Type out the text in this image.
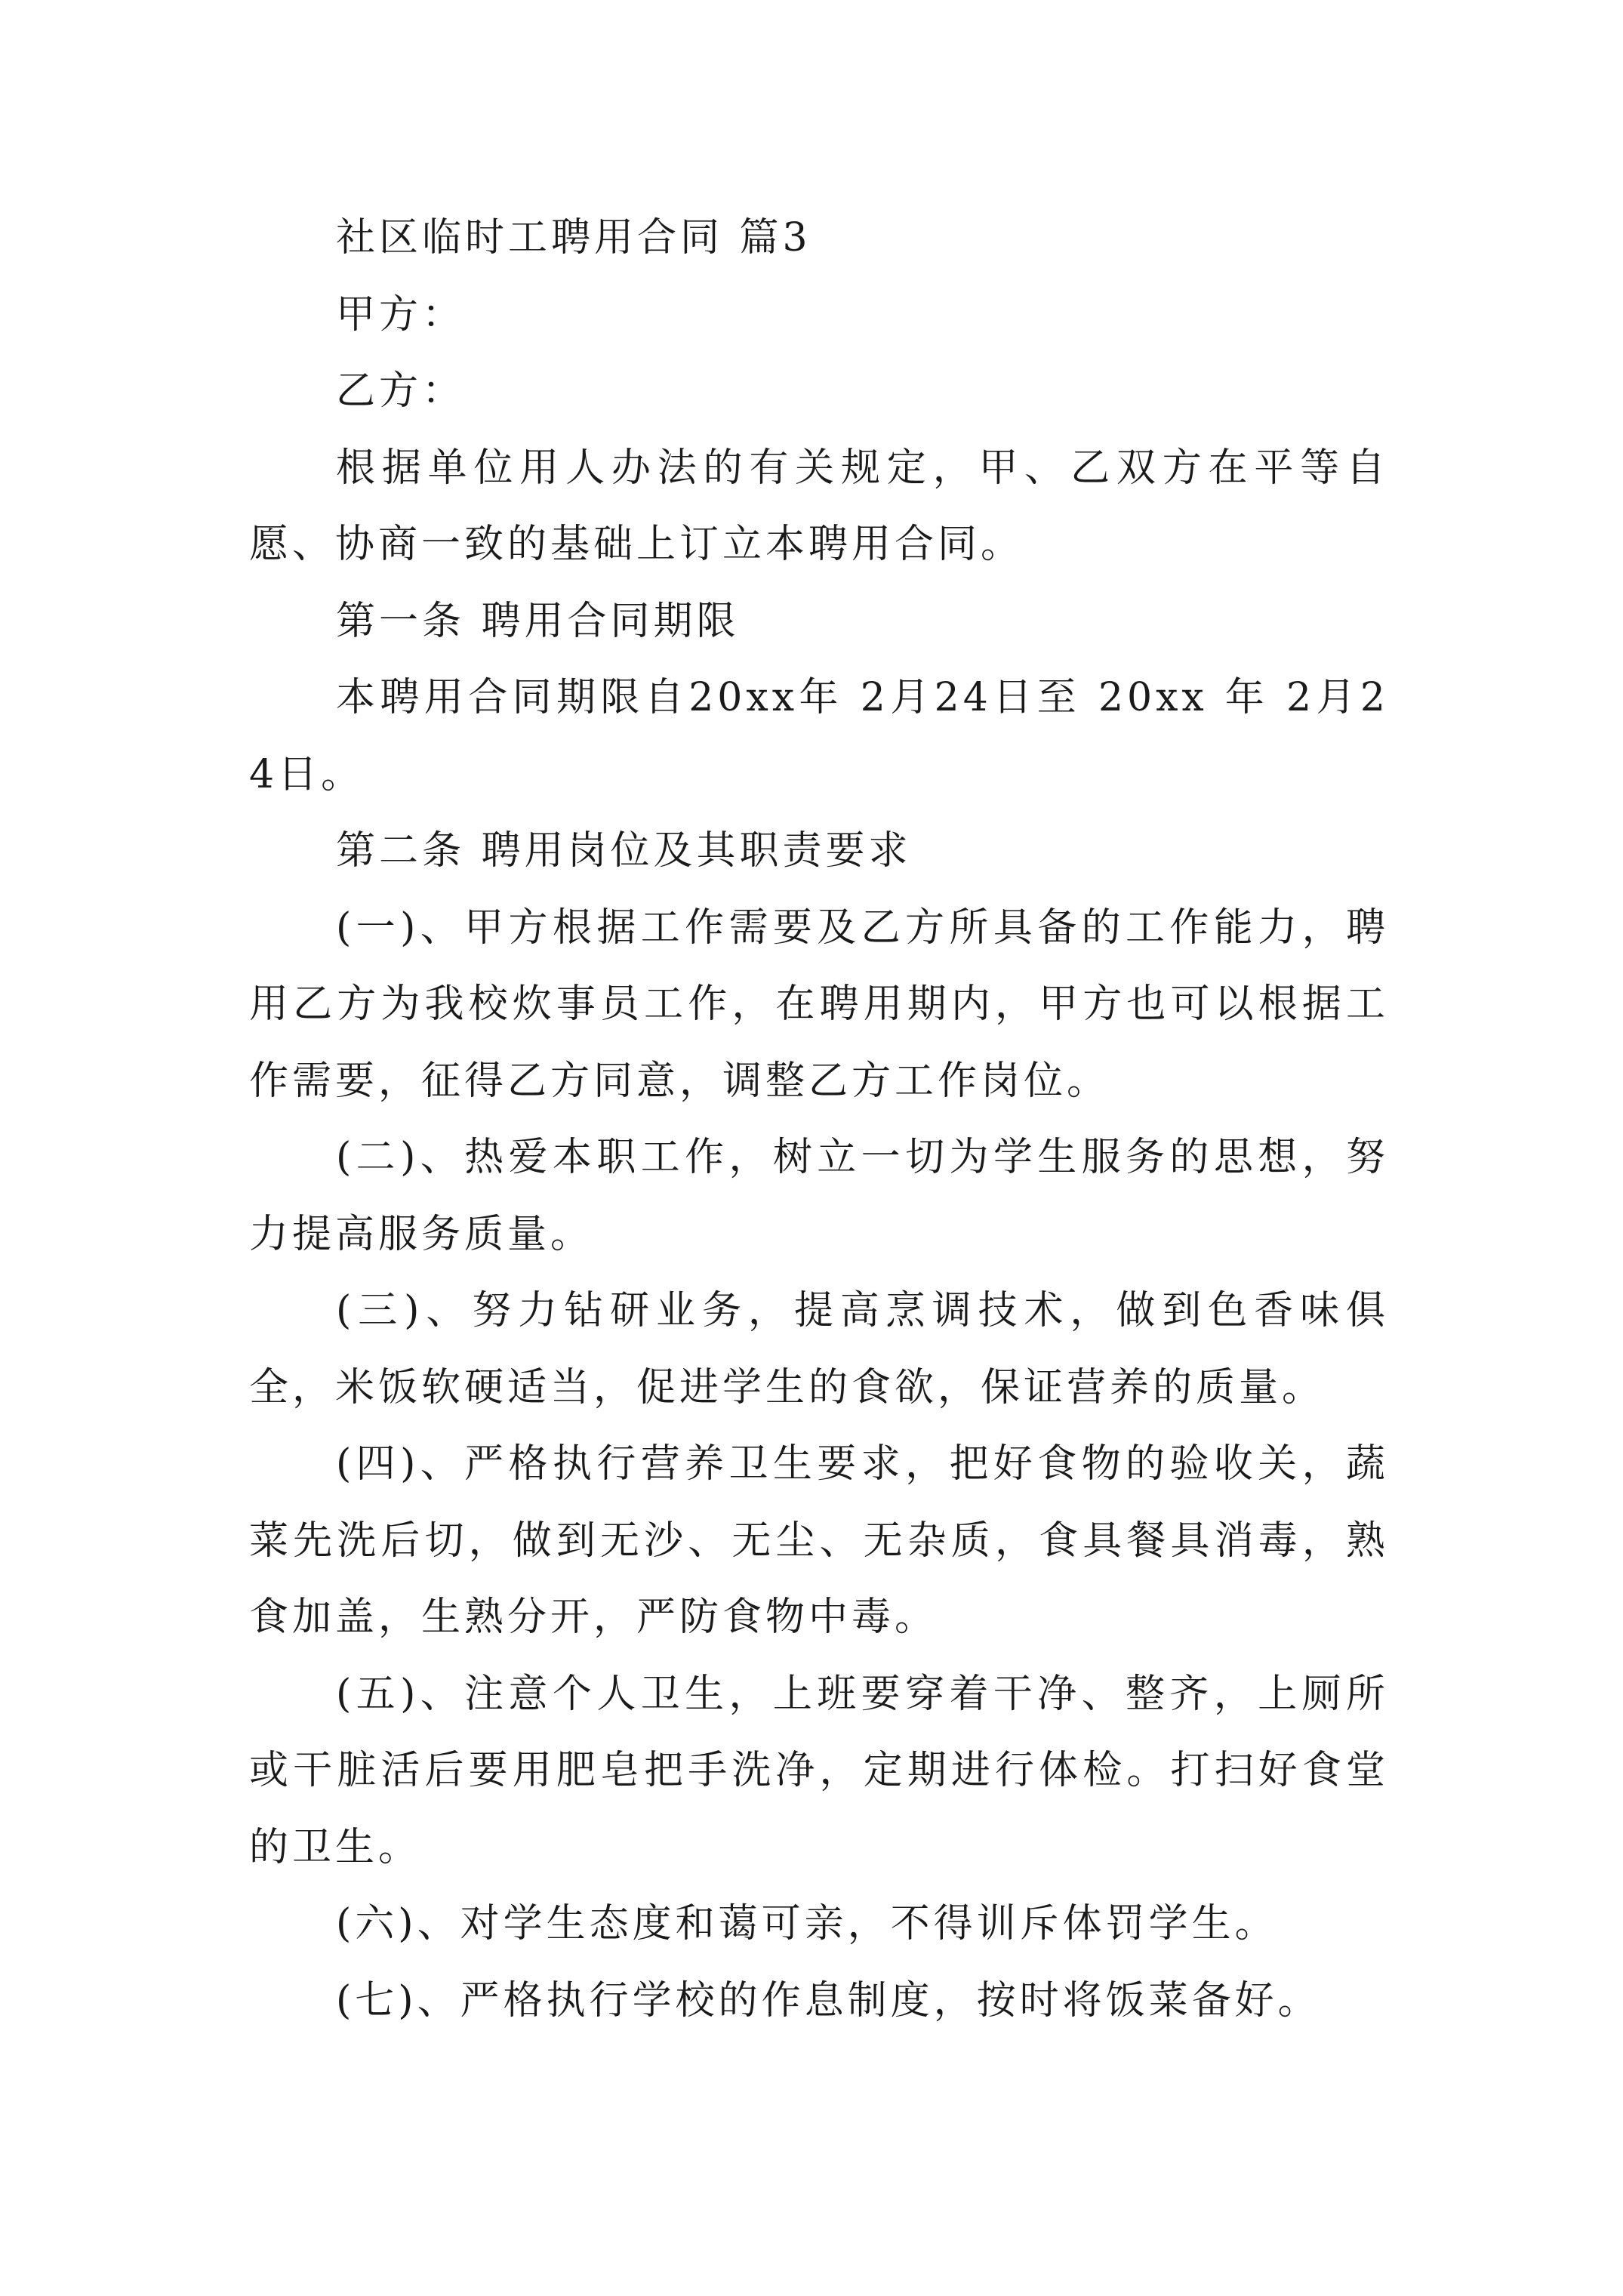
社区临时工聘用合同 篇3

甲方：

乙方：

根据单位用人办法的有关规定，甲、乙双方在平等自愿、协商一致的基础上订立本聘用合同。

第一条 聘用合同期限

本聘用合同期限自20xx年 2月24日至 20xx 年 2月24日。

第二条 聘用岗位及其职责要求

(一)、甲方根据工作需要及乙方所具备的工作能力，聘用乙方为我校炊事员工作，在聘用期内，甲方也可以根据工作需要，征得乙方同意，调整乙方工作岗位。

(二)、热爱本职工作，树立一切为学生服务的思想，努力提高服务质量。

(三)、努力钻研业务，提高烹调技术，做到色香味俱全，米饭软硬适当，促进学生的食欲，保证营养的质量。

(四)、严格执行营养卫生要求，把好食物的验收关，蔬菜先洗后切，做到无沙、无尘、无杂质，食具餐具消毒，熟食加盖，生熟分开，严防食物中毒。

(五)、注意个人卫生，上班要穿着干净、整齐，上厕所或干脏活后要用肥皂把手洗净，定期进行体检。打扫好食堂的卫生。

(六)、对学生态度和蔼可亲，不得训斥体罚学生。

(七)、严格执行学校的作息制度，按时将饭菜备好。
